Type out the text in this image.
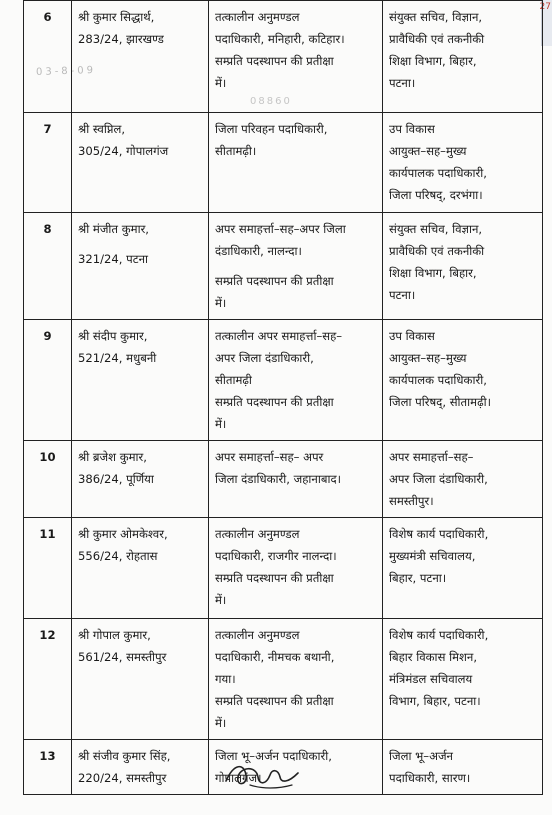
27
03-8-09
08860
6	श्री कुमार सिद्धार्थ,
283/24, झारखण्ड	तत्कालीन अनुमण्डल
पदाधिकारी, मनिहारी, कटिहार।
सम्प्रति पदस्थापन की प्रतीक्षा
में।	संयुक्त सचिव, विज्ञान,
प्रावैधिकी एवं तकनीकी
शिक्षा विभाग, बिहार,
पटना।

7	श्री स्वप्निल,
305/24, गोपालगंज	जिला परिवहन पदाधिकारी,
सीतामढ़ी।	उप विकास
आयुक्त–सह–मुख्य
कार्यपालक पदाधिकारी,
जिला परिषद्, दरभंगा।

8	श्री मंजीत कुमार,
321/24, पटना	अपर समाहर्त्ता–सह–अपर जिला
दंडाधिकारी, नालन्दा।
सम्प्रति पदस्थापन की प्रतीक्षा
में।	संयुक्त सचिव, विज्ञान,
प्रावैधिकी एवं तकनीकी
शिक्षा विभाग, बिहार,
पटना।

9	श्री संदीप कुमार,
521/24, मधुबनी	तत्कालीन अपर समाहर्त्ता–सह–
अपर जिला दंडाधिकारी,
सीतामढ़ी
सम्प्रति पदस्थापन की प्रतीक्षा
में।	उप विकास
आयुक्त–सह–मुख्य
कार्यपालक पदाधिकारी,
जिला परिषद्, सीतामढ़ी।

10	श्री ब्रजेश कुमार,
386/24, पूर्णिया	अपर समाहर्त्ता–सह– अपर
जिला दंडाधिकारी, जहानाबाद।	अपर समाहर्त्ता–सह–
अपर जिला दंडाधिकारी,
समस्तीपुर।

11	श्री कुमार ओमकेश्वर,
556/24, रोहतास	तत्कालीन अनुमण्डल
पदाधिकारी, राजगीर नालन्दा।
सम्प्रति पदस्थापन की प्रतीक्षा
में।	विशेष कार्य पदाधिकारी,
मुख्यमंत्री सचिवालय,
बिहार, पटना।

12	श्री गोपाल कुमार,
561/24, समस्तीपुर	तत्कालीन अनुमण्डल
पदाधिकारी, नीमचक बथानी,
गया।
सम्प्रति पदस्थापन की प्रतीक्षा
में।	विशेष कार्य पदाधिकारी,
बिहार विकास मिशन,
मंत्रिमंडल सचिवालय
विभाग, बिहार, पटना।

13	श्री संजीव कुमार सिंह,
220/24, समस्तीपुर	जिला भू–अर्जन पदाधिकारी,
गोपालगंज।	जिला भू–अर्जन
पदाधिकारी, सारण।
